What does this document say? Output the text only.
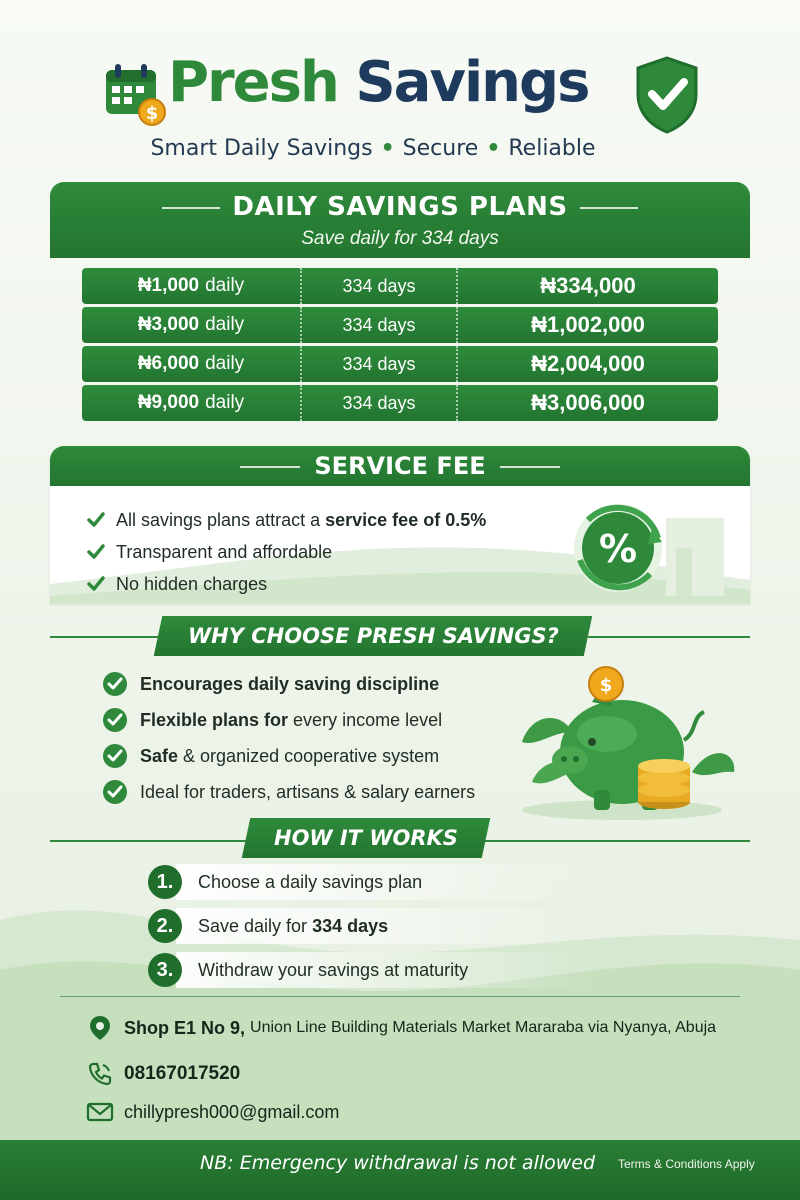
$ Presh Savings
Smart Daily Savings • Secure • Reliable
DAILY SAVINGS PLANS
Save daily for 334 days
₦1,000 daily	334 days	₦334,000
₦3,000 daily	334 days	₦1,002,000
₦6,000 daily	334 days	₦2,004,000
₦9,000 daily	334 days	₦3,006,000
SERVICE FEE
All savings plans attract a
service fee of 0.5%
Transparent and affordable
No hidden charges
%
WHY CHOOSE PRESH SAVINGS?
Encourages daily saving discipline
Flexible plans for every income level
Safe & organized cooperative system
Ideal for traders, artisans & salary earners
$
HOW IT WORKS
1.	Choose a daily savings plan
2.	Save daily for 334 days
3.	Withdraw your savings at maturity
Shop E1 No 9, Union Line Building Materials Market Mararaba via Nyanya, Abuja
08167017520
chillypresh000@gmail.com
NB: Emergency withdrawal is not allowed Terms & Conditions Apply
